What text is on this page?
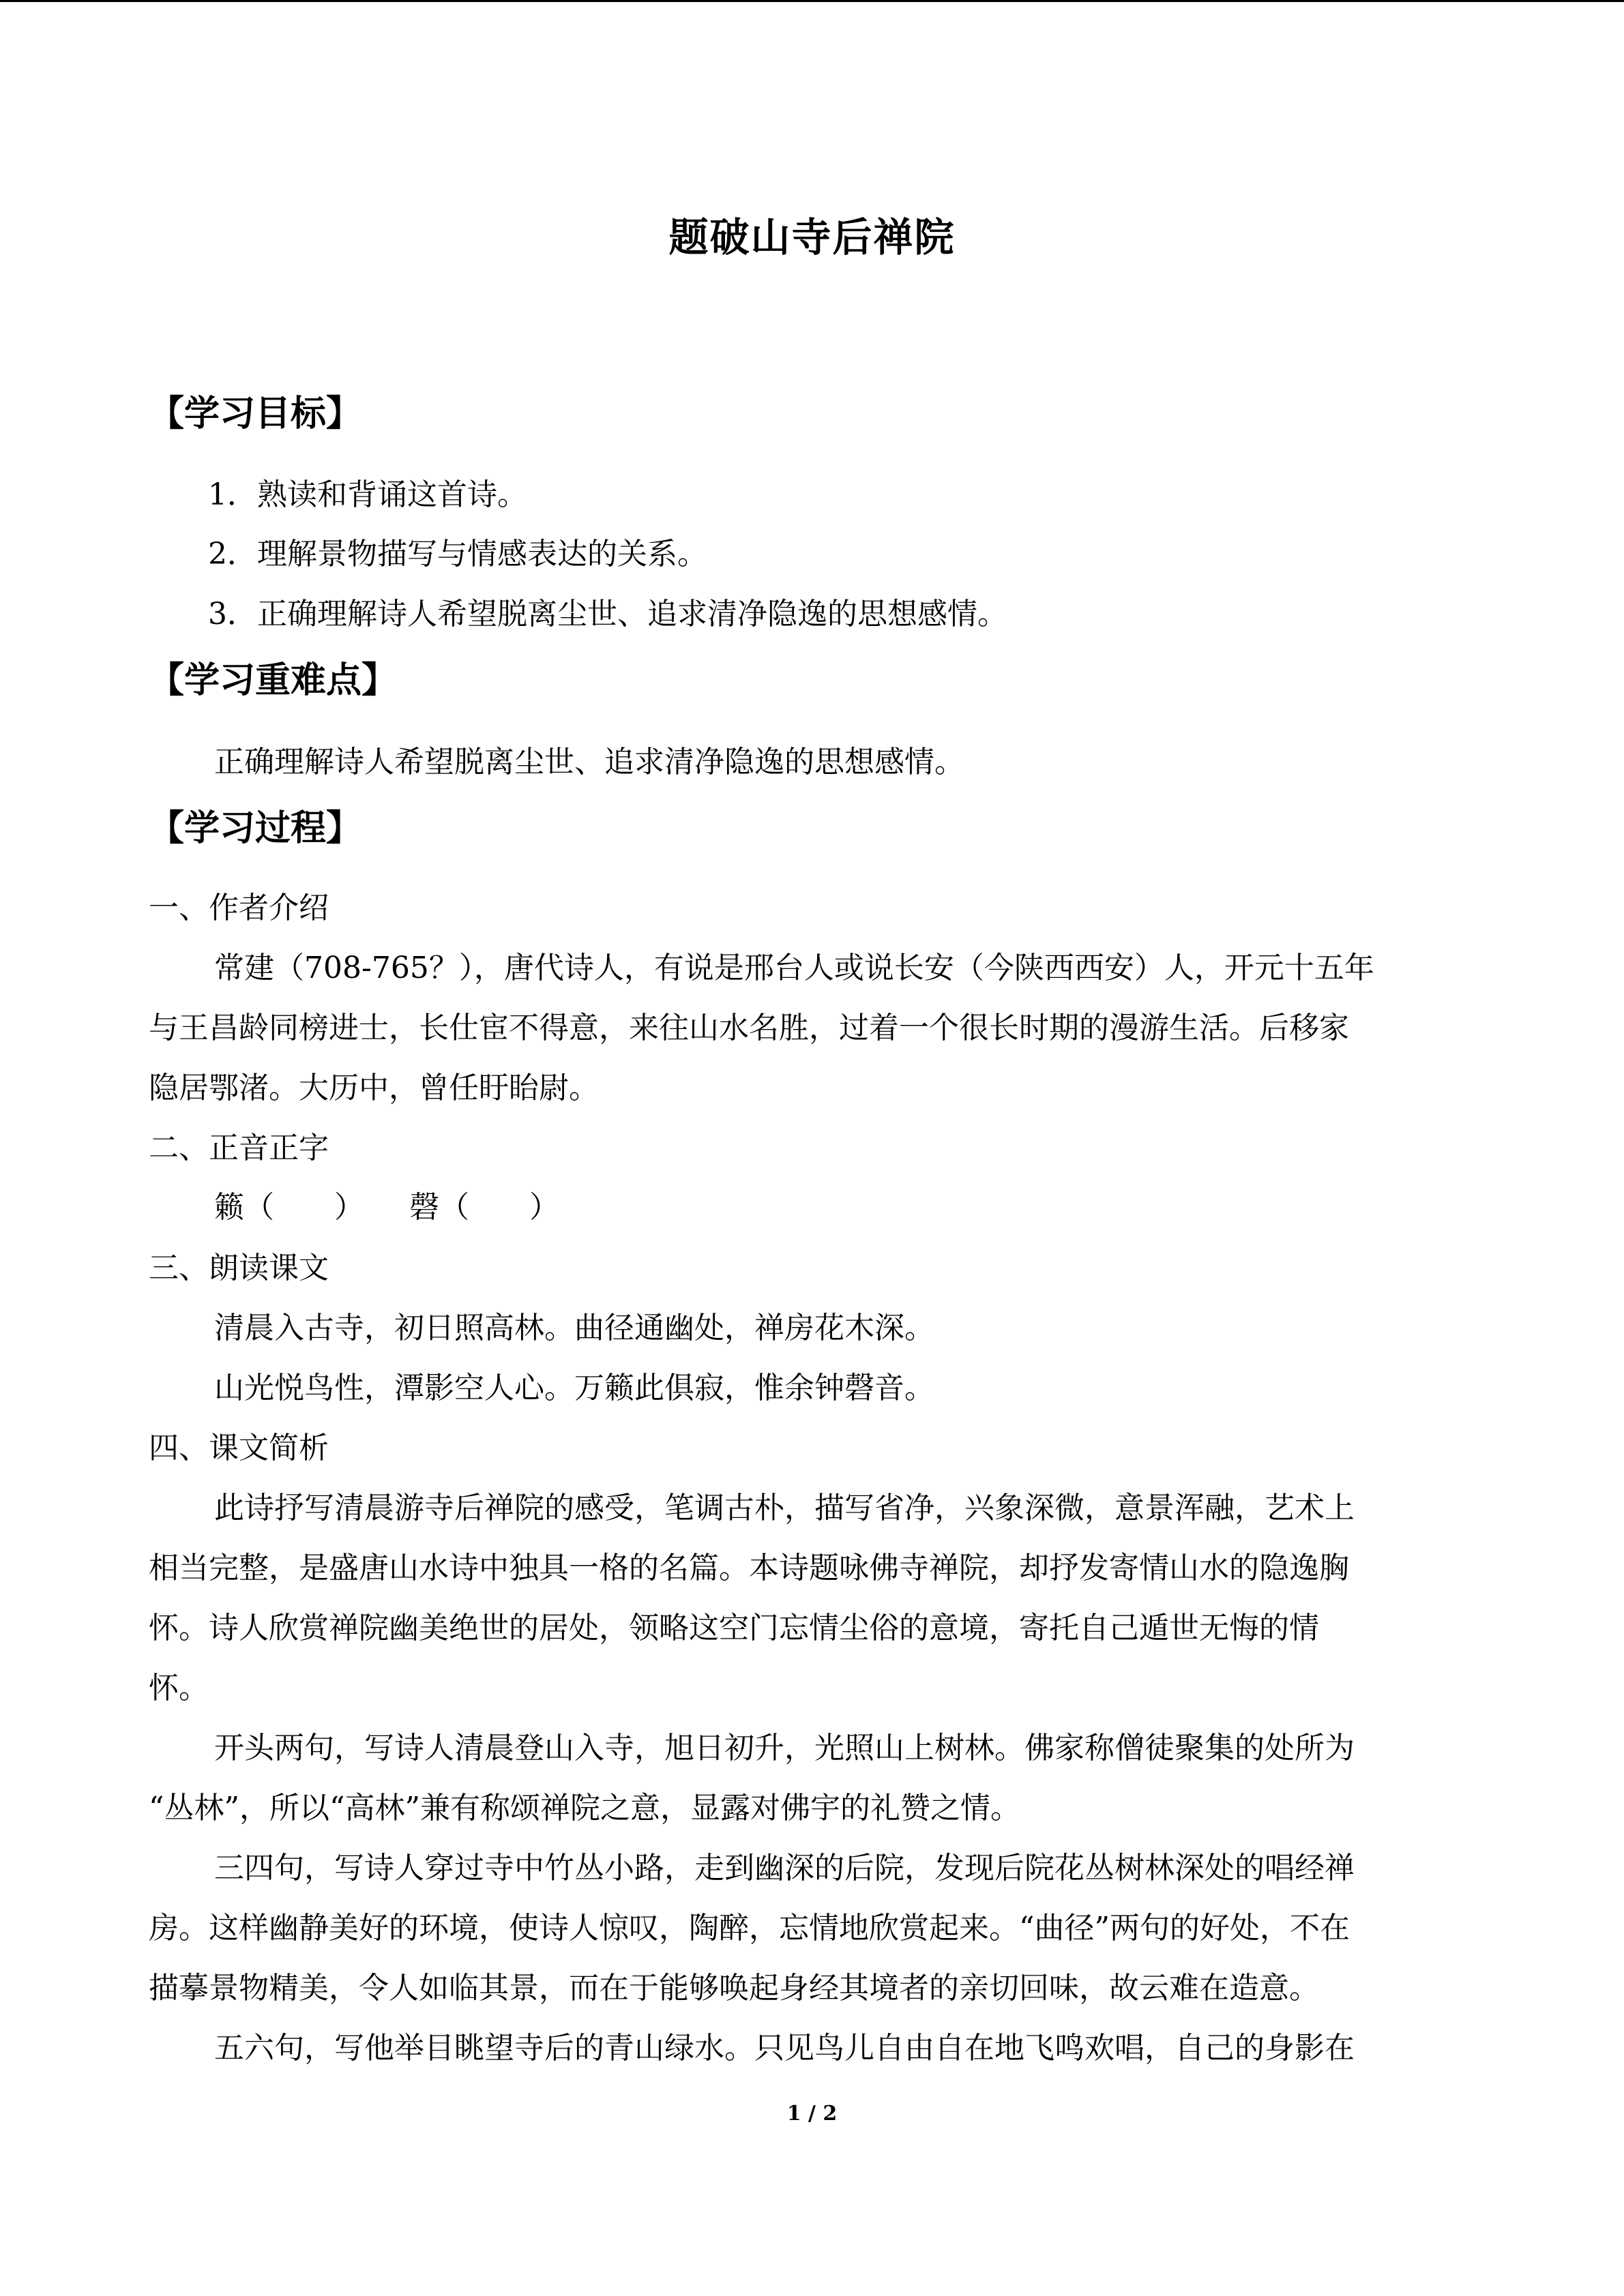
题破山寺后禅院
【学习目标】
1．熟读和背诵这首诗。
2．理解景物描写与情感表达的关系。
3．正确理解诗人希望脱离尘世、追求清净隐逸的思想感情。
【学习重难点】
正确理解诗人希望脱离尘世、追求清净隐逸的思想感情。
【学习过程】
一、作者介绍
常建（708-765？），唐代诗人，有说是邢台人或说长安（今陕西西安）人，开元十五年
与王昌龄同榜进士，长仕宦不得意，来往山水名胜，过着一个很长时期的漫游生活。后移家
隐居鄂渚。大历中，曾任盱眙尉。
二、正音正字
籁（　　）　　磬（　　）
三、朗读课文
清晨入古寺，初日照高林。曲径通幽处，禅房花木深。
山光悦鸟性，潭影空人心。万籁此俱寂，惟余钟磬音。
四、课文简析
此诗抒写清晨游寺后禅院的感受，笔调古朴，描写省净，兴象深微，意景浑融，艺术上
相当完整，是盛唐山水诗中独具一格的名篇。本诗题咏佛寺禅院，却抒发寄情山水的隐逸胸
怀。诗人欣赏禅院幽美绝世的居处，领略这空门忘情尘俗的意境，寄托自己遁世无悔的情
怀。
开头两句，写诗人清晨登山入寺，旭日初升，光照山上树林。佛家称僧徒聚集的处所为
“丛林”，所以“高林”兼有称颂禅院之意，显露对佛宇的礼赞之情。
三四句，写诗人穿过寺中竹丛小路，走到幽深的后院，发现后院花丛树林深处的唱经禅
房。这样幽静美好的环境，使诗人惊叹，陶醉，忘情地欣赏起来。“曲径”两句的好处，不在
描摹景物精美，令人如临其景，而在于能够唤起身经其境者的亲切回味，故云难在造意。
五六句，写他举目眺望寺后的青山绿水。只见鸟儿自由自在地飞鸣欢唱，自己的身影在
1 / 2
